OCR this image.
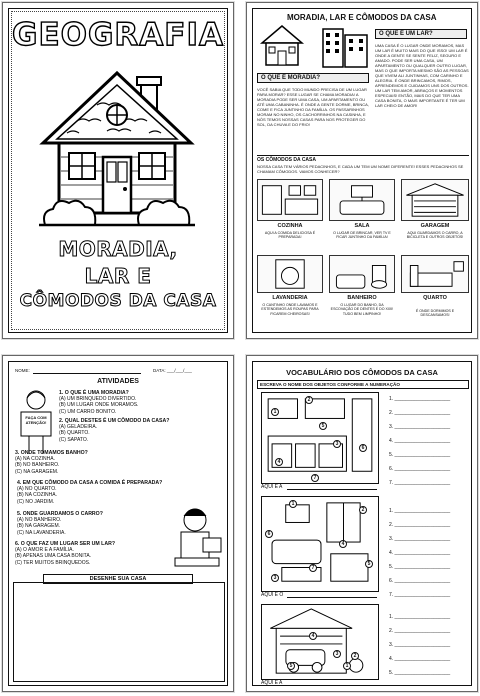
GEOGRAFIA
MORADIA,
LAR E
CÔMODOS DA CASA
MORADIA, LAR E CÔMODOS DA CASA
O QUE É UM LAR?
UMA CASA É O LUGAR ONDE MORAMOS, MAS UM LAR É MUITO MAIS DO QUE ISSO! UM LAR É ONDE A GENTE SE SENTE FELIZ, SEGURO E AMADO. PODE SER UMA CASA, UM APARTAMENTO OU QUALQUER OUTRO LUGAR, MAS O QUE IMPORTA MESMO SÃO AS PESSOAS QUE VIVEM ALI JUNTINHAS, COM CARINHO E ALEGRIA. É ONDE BRINCAMOS, RIMOS, APRENDEMOS E CUIDAMOS UNS DOS OUTROS. UM LAR TEM AMOR, ABRAÇOS E MOMENTOS ESPECIAIS! ENTÃO, MAIS DO QUE TER UMA CASA BONITA, O MAIS IMPORTANTE É TER UM LAR CHEIO DE AMOR!
O QUE É MORADIA?
VOCÊ SABIA QUE TODO MUNDO PRECISA DE UM LUGAR PARA MORAR? ESSE LUGAR SE CHAMA MORADIA! A MORADIA PODE SER UMA CASA, UM APARTAMENTO OU ATÉ UMA CABANINHA. É ONDE A GENTE DORME, BRINCA, COME E FICA JUNTINHO DA FAMÍLIA. OS PASSARINHOS MORAM NO NINHO, OS CACHORRINHOS NA CASINHA, E NÓS TEMOS NOSSAS CASAS PARA NOS PROTEGER DO SOL, DA CHUVA E DO FRIO!
OS CÔMODOS DA CASA
NOSSA CASA TEM VÁRIOS PEDACINHOS, E CADA UM TEM UM NOME DIFERENTE! ESSES PEDACINHOS SE CHAMAM CÔMODOS. VAMOS CONHECER?
COZINHA
AQUI A COMIDA DELICIOSA É PREPARADA!
SALA
O LUGAR DE BRINCAR, VER TV E FICAR JUNTINHO DA FAMÍLIA!
GARAGEM
AQUI GUARDAMOS O CARRO, A BICICLETA E OUTROS OBJETOS!
LAVANDERIA
O CANTINHO ONDE LAVAMOS E ESTENDEMOS AS ROUPAS PARA FICAREM CHEIROSAS!
BANHEIRO
O LUGAR DO BANHO, DA ESCOVAÇÃO DE DENTES E DO XIXI! TUDO BEM LIMPINHO!
QUARTO
É ONDE DORMIMOS E DESCANSAMOS!
NOME:	DATA: ___/___/___
ATIVIDADES
FAÇA COM ATENÇÃO!
1. O QUE É UMA MORADIA?
(A) UM BRINQUEDO DIVERTIDO.
(B) UM LUGAR ONDE MORAMOS.
(C) UM CARRO BONITO.
2. QUAL DESTES É UM CÔMODO DA CASA?
(A) GELADEIRA.
(B) QUARTO.
(C) SAPATO.
3. ONDE TOMAMOS BANHO?
(A) NA COZINHA.
(B) NO BANHEIRO.
(C) NA GARAGEM.
4. EM QUE CÔMODO DA CASA A COMIDA É PREPARADA?
(A) NO QUARTO.
(B) NA COZINHA.
(C) NO JARDIM.
5. ONDE GUARDAMOS O CARRO?
(A) NO BANHEIRO.
(B) NA GARAGEM.
(C) NA LAVANDERIA.
6. O QUE FAZ UM LUGAR SER UM LAR?
(A) O AMOR E A FAMÍLIA.
(B) APENAS UMA CASA BONITA.
(C) TER MUITOS BRINQUEDOS.
DESENHE SUA CASA
VOCABULÁRIO DOS CÔMODOS DA CASA
ESCREVA O NOME DOS OBJETOS CONFORME A NUMERAÇÃO
2
1
5
6
4
3
7
AQUI É A
1. ____________________
2. ____________________
3. ____________________
4. ____________________
5. ____________________
6. ____________________
7. ____________________
1
2
6
4
7
5
3
AQUI É O
1. ____________________
2. ____________________
3. ____________________
4. ____________________
5. ____________________
6. ____________________
7. ____________________
4
3	2
1
5
AQUI É A
1. ____________________
2. ____________________
3. ____________________
4. ____________________
5. ____________________
